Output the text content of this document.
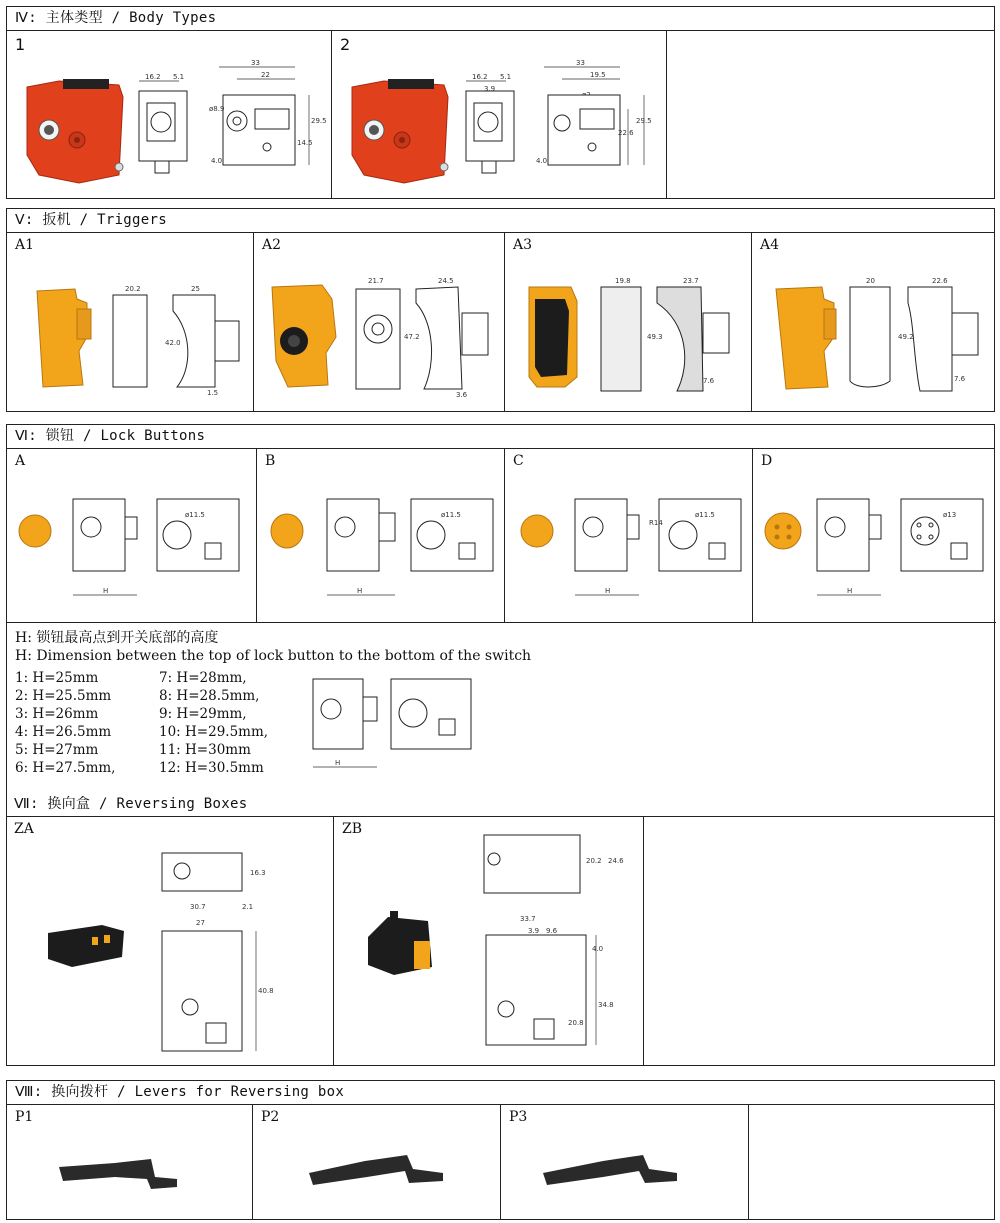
Ⅳ: 主体类型 / Body Types
1
16.2 5.1
33
22
ø8.9
29.5
14.5
4.0
2
16.2 5.1
3.9
33
19.5
22.6
29.5
4.0
Ⅴ: 扳机 / Triggers
A1
20.2	25
42.0
1.5
A2
21.7	24.5
47.2
3.6
A3
19.8	23.7
49.3
7.6
A4
20	22.6
49.2
7.6
Ⅵ: 锁钮 / Lock Buttons
A
H
ø11.5
B
H
ø11.5
C
H
ø11.5
R14
D
H
ø13
H: 锁钮最高点到开关底部的高度
H: Dimension between the top of lock button to the bottom of the switch
1: H=25mm
2: H=25.5mm
3: H=26mm
4: H=26.5mm
5: H=27mm
6: H=27.5mm,
7: H=28mm,
8: H=28.5mm,
9: H=29mm,
10: H=29.5mm,
11: H=30mm
12: H=30.5mm	H
Ⅶ: 换向盒 / Reversing Boxes
ZA
16.3
30.7	2.1
27
40.8
ZB
20.2 24.6
33.7
3.9 9.6
4.0
34.8
20.8
Ⅷ: 换向拨杆 / Levers for Reversing box
P1	P2	P3
